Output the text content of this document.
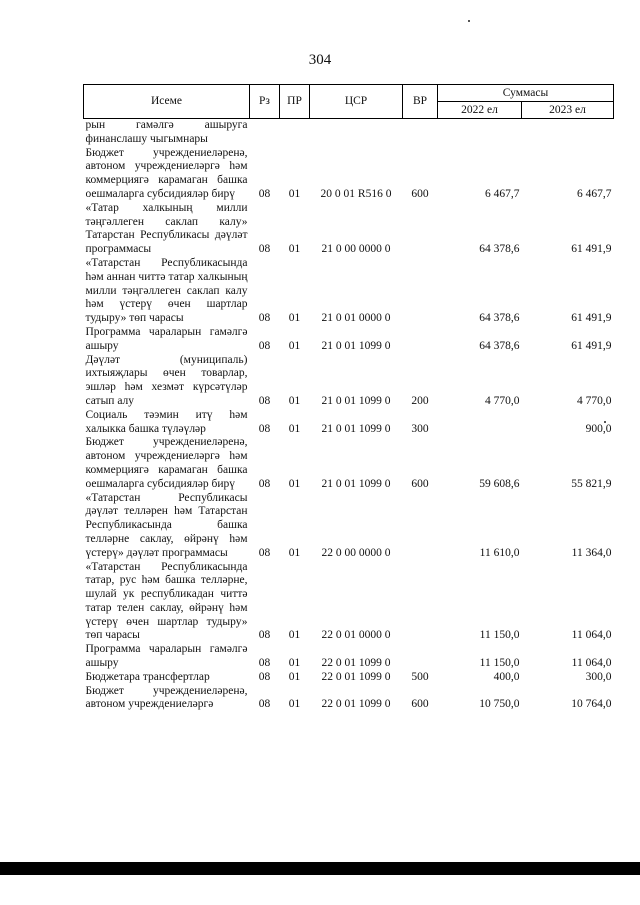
304
Исеме	Рз	ПР	ЦСР	ВР	Суммасы	
					2022 ел	2023 ел
рын гамәлгә ашыруга финанслашу чыгымнары						
Бюджет учреждениеләренә, автоном учреждениеләргә һәм коммерциягә карамаган башка оешмаларга субсидияләр бирү	08	01	20 0 01 R516 0	600	6 467,7	6 467,7
«Татар халкының милли тәңгәллеген саклап калу» Татарстан Республикасы дәүләт программасы	08	01	21 0 00 0000 0		64 378,6	61 491,9
«Татарстан Республикасында һәм аннан читтә татар халкының милли тәңгәллеген саклап калу һәм үстерү өчен шартлар тудыру» төп чарасы	08	01	21 0 01 0000 0		64 378,6	61 491,9
Программа чараларын гамәлгә ашыру	08	01	21 0 01 1099 0		64 378,6	61 491,9
Дәүләт (муниципаль) ихтыяҗлары өчен товарлар, эшләр һәм хезмәт күрсәтүләр сатып алу	08	01	21 0 01 1099 0	200	4 770,0	4 770,0
Социаль тәэмин итү һәм халыкка башка түләүләр	08	01	21 0 01 1099 0	300		900,0
Бюджет учреждениеләренә, автоном учреждениеләргә һәм коммерциягә карамаган башка оешмаларга субсидияләр бирү	08	01	21 0 01 1099 0	600	59 608,6	55 821,9
«Татарстан Республикасы дәүләт телләрен һәм Татарстан Республикасында башка телләрне саклау, өйрәнү һәм үстерү» дәүләт программасы	08	01	22 0 00 0000 0		11 610,0	11 364,0
«Татарстан Республикасында татар, рус һәм башка телләрне, шулай ук республикадан читтә татар телен саклау, өйрәнү һәм үстерү өчен шартлар тудыру» төп чарасы	08	01	22 0 01 0000 0		11 150,0	11 064,0
Программа чараларын гамәлгә ашыру	08	01	22 0 01 1099 0		11 150,0	11 064,0
Бюджетара трансфертлар	08	01	22 0 01 1099 0	500	400,0	300,0
Бюджет учреждениеләренә, автоном учреждениеләргә	08	01	22 0 01 1099 0	600	10 750,0	10 764,0
